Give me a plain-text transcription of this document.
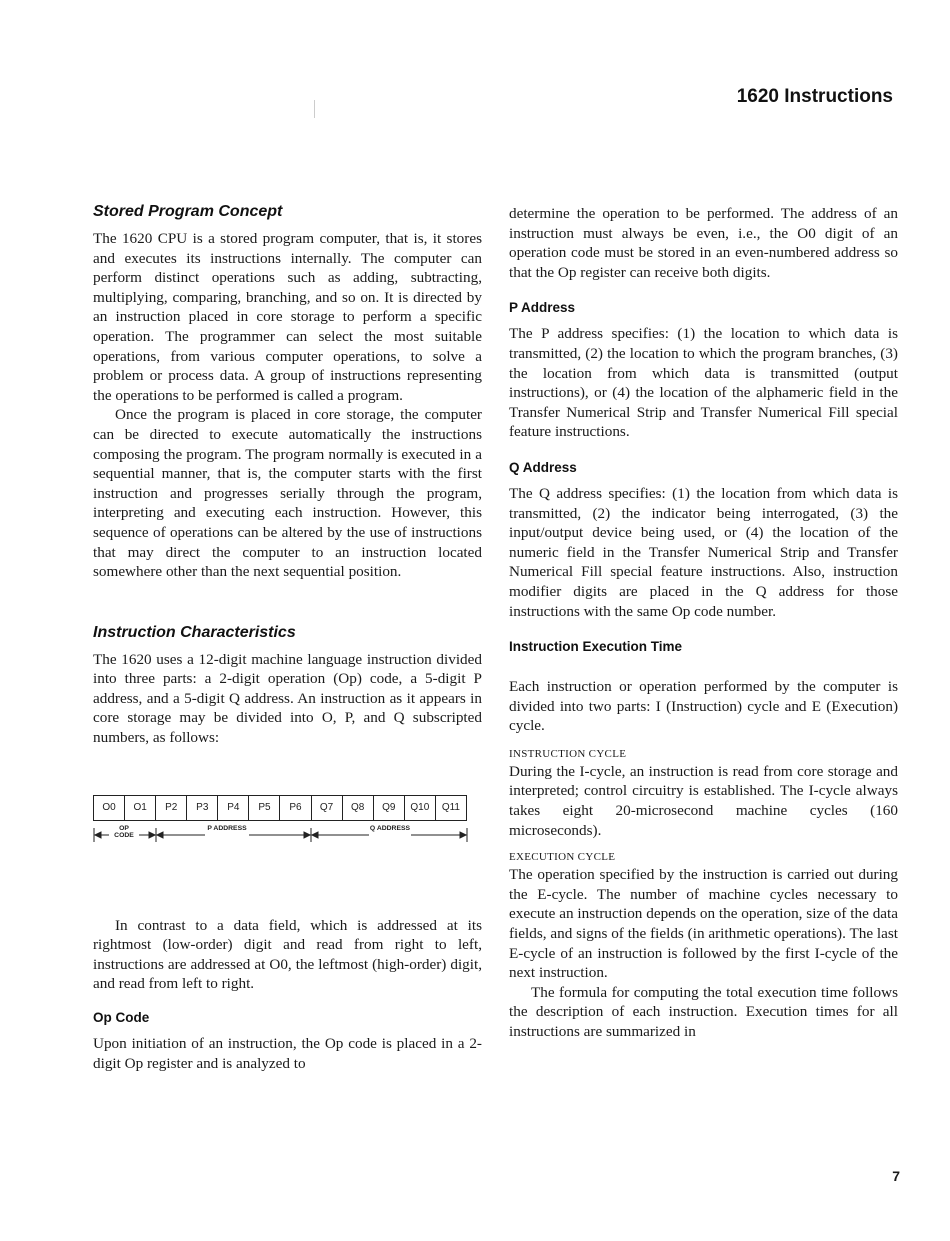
1620 Instructions
Stored Program Concept

The 1620 CPU is a stored program computer, that is, it stores and executes its instructions internally. The computer can perform distinct operations such as adding, subtracting, multiplying, comparing, branching, and so on. It is directed by an instruction placed in core storage to perform a specific operation. The programmer can select the most suitable operations, from various computer operations, to solve a problem or process data. A group of instructions representing the operations to be performed is called a program.

Once the program is placed in core storage, the computer can be directed to execute automatically the instructions composing the program. The program normally is executed in a sequential manner, that is, the computer starts with the first instruction and progresses serially through the program, interpreting and executing each instruction. However, this sequence of operations can be altered by the use of instructions that may direct the computer to an instruction located somewhere other than the next sequential position.

Instruction Characteristics

The 1620 uses a 12-digit machine language instruction divided into three parts: a 2-digit operation (Op) code, a 5-digit P address, and a 5-digit Q address. An instruction as it appears in core storage may be divided into O, P, and Q subscripted numbers, as follows:

O0	O1	P2	P3	P4	P5	P6	Q7	Q8	Q9	Q10	Q11
OP CODE
P ADDRESS	Q ADDRESS

In contrast to a data field, which is addressed at its rightmost (low-order) digit and read from right to left, instructions are addressed at O0, the leftmost (high-order) digit, and read from left to right.

Op Code

Upon initiation of an instruction, the Op code is placed in a 2-digit Op register and is analyzed to

determine the operation to be performed. The address of an instruction must always be even, i.e., the O0 digit of an operation code must be stored in an even-numbered address so that the Op register can receive both digits.

P Address

The P address specifies: (1) the location to which data is transmitted, (2) the location to which the program branches, (3) the location from which data is transmitted (output instructions), or (4) the location of the alphameric field in the Transfer Numerical Strip and Transfer Numerical Fill special feature instructions.

Q Address

The Q address specifies: (1) the location from which data is transmitted, (2) the indicator being interrogated, (3) the input/output device being used, or (4) the location of the numeric field in the Transfer Numerical Strip and Transfer Numerical Fill special feature instructions. Also, instruction modifier digits are placed in the Q address for those instructions with the same Op code number.

Instruction Execution Time

Each instruction or operation performed by the computer is divided into two parts: I (Instruction) cycle and E (Execution) cycle.

INSTRUCTION CYCLE

During the I-cycle, an instruction is read from core storage and interpreted; control circuitry is established. The I-cycle always takes eight 20-microsecond machine cycles (160 microseconds).

EXECUTION CYCLE

The operation specified by the instruction is carried out during the E-cycle. The number of machine cycles necessary to execute an instruction depends on the operation, size of the data fields, and signs of the fields (in arithmetic operations). The last E-cycle of an instruction is followed by the first I-cycle of the next instruction.

The formula for computing the total execution time follows the description of each instruction. Execution times for all instructions are summarized in

7
